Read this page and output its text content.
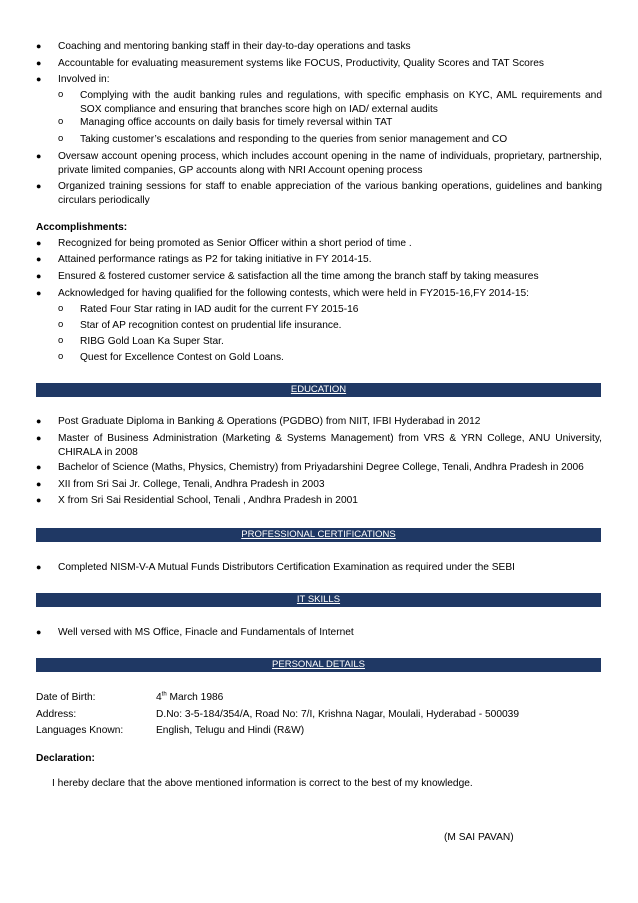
● Coaching and mentoring banking staff in their day-to-day operations and tasks
● Accountable for evaluating measurement systems like FOCUS, Productivity, Quality Scores and TAT Scores
● Involved in:
o Complying with the audit banking rules and regulations, with specific emphasis on KYC, AML requirements and SOX compliance and ensuring that branches score high on IAD/ external audits
o Managing office accounts on daily basis for timely reversal within TAT
o Taking customer’s escalations and responding to the queries from senior management and CO
● Oversaw account opening process, which includes account opening in the name of individuals, proprietary, partnership, private limited companies, GP accounts along with NRI Account opening process
● Organized training sessions for staff to enable appreciation of the various banking operations, guidelines and banking circulars periodically
Accomplishments:
● Recognized for being promoted as Senior Officer within a short period of time .
● Attained performance ratings as P2 for taking initiative in FY 2014-15.
● Ensured & fostered customer service & satisfaction all the time among the branch staff by taking measures
● Acknowledged for having qualified for the following contests, which were held in FY2015-16,FY 2014-15:
o Rated Four Star rating in IAD audit for the current FY 2015-16
o Star of AP recognition contest on prudential life insurance.
o RIBG Gold Loan Ka Super Star.
o Quest for Excellence Contest on Gold Loans.
EDUCATION
● Post Graduate Diploma in Banking & Operations (PGDBO) from NIIT, IFBI Hyderabad in 2012
● Master of Business Administration (Marketing & Systems Management) from VRS & YRN College, ANU University, CHIRALA in 2008
● Bachelor of Science (Maths, Physics, Chemistry) from Priyadarshini Degree College, Tenali, Andhra Pradesh in 2006
● XII from Sri Sai Jr. College, Tenali, Andhra Pradesh in 2003
● X from Sri Sai Residential School, Tenali , Andhra Pradesh in 2001
PROFESSIONAL CERTIFICATIONS
● Completed NISM-V-A Mutual Funds Distributors Certification Examination as required under the SEBI
IT SKILLS
● Well versed with MS Office, Finacle and Fundamentals of Internet
PERSONAL DETAILS
Date of Birth:	4th March 1986
Address:	D.No: 3-5-184/354/A, Road No: 7/I, Krishna Nagar, Moulali, Hyderabad - 500039
Languages Known:	English, Telugu and Hindi (R&W)
Declaration:
I hereby declare that the above mentioned information is correct to the best of my knowledge.
(M SAI PAVAN)
